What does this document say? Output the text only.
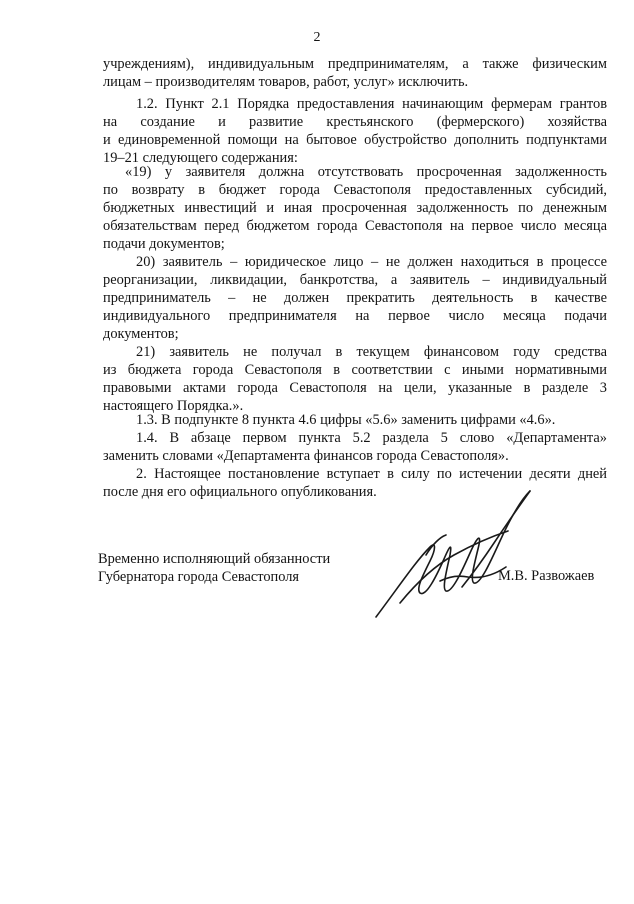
2
учреждениям), индивидуальным предпринимателям, а также физическим
лицам – производителям товаров, работ, услуг» исключить.
1.2. Пункт 2.1 Порядка предоставления начинающим фермерам грантов
на создание и развитие крестьянского (фермерского) хозяйства
и единовременной помощи на бытовое обустройство дополнить подпунктами
19–21 следующего содержания:
«19) у заявителя должна отсутствовать просроченная задолженность
по возврату в бюджет города Севастополя предоставленных субсидий,
бюджетных инвестиций и иная просроченная задолженность по денежным
обязательствам перед бюджетом города Севастополя на первое число месяца
подачи документов;
20) заявитель – юридическое лицо – не должен находиться в процессе
реорганизации, ликвидации, банкротства, а заявитель – индивидуальный
предприниматель – не должен прекратить деятельность в качестве
индивидуального предпринимателя на первое число месяца подачи
документов;
21) заявитель не получал в текущем финансовом году средства
из бюджета города Севастополя в соответствии с иными нормативными
правовыми актами города Севастополя на цели, указанные в разделе 3
настоящего Порядка.».
1.3. В подпункте 8 пункта 4.6 цифры «5.6» заменить цифрами «4.6».
1.4. В абзаце первом пункта 5.2 раздела 5 слово «Департамента»
заменить словами «Департамента финансов города Севастополя».
2. Настоящее постановление вступает в силу по истечении десяти дней
после дня его официального опубликования.
Временно исполняющий обязанности
Губернатора города Севастополя	М.В. Развожаев
